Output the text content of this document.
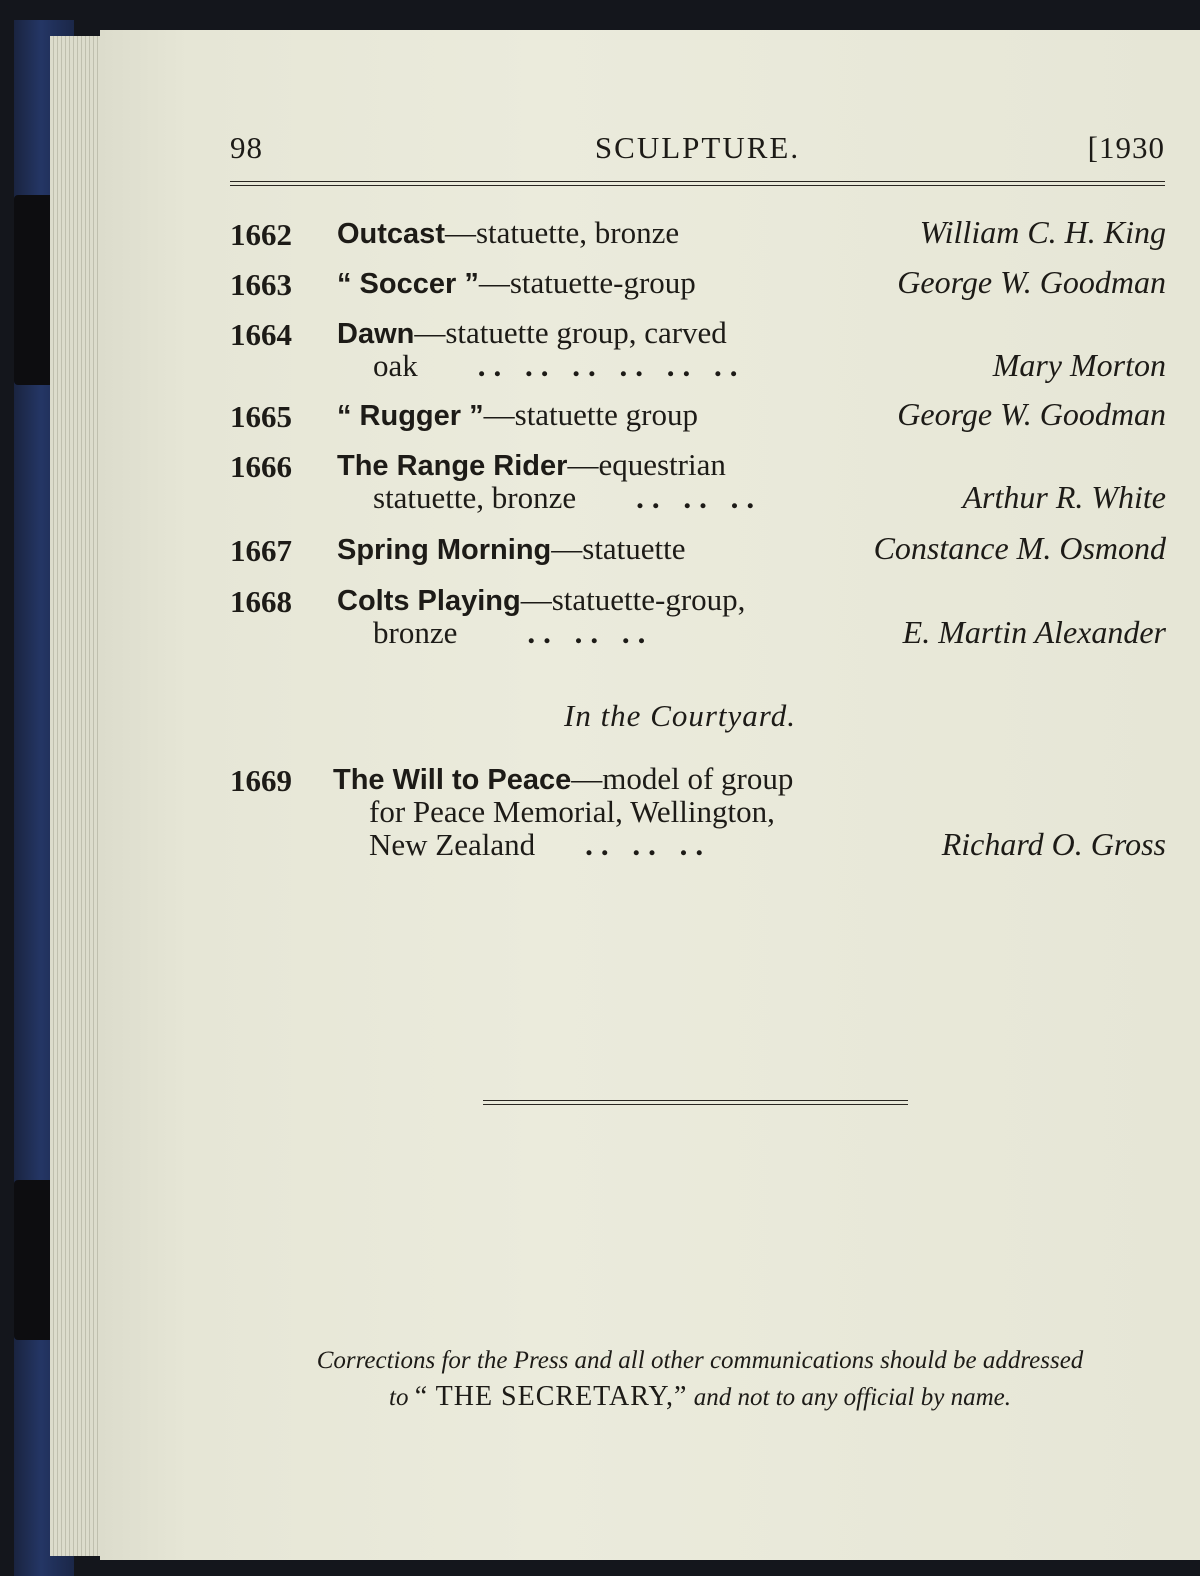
98	SCULPTURE.	[1930
1662 Outcast—statuette, bronze	William C. H. King
1663 “ Soccer ”—statuette-group	George W. Goodman
1664 Dawn—statuette group, carved
oak .. .. .. .. .. ..	Mary Morton
1665 “ Rugger ”—statuette group	George W. Goodman
1666 The Range Rider—equestrian
statuette, bronze .. .. ..	Arthur R. White
1667 Spring Morning—statuette	Constance M. Osmond
1668 Colts Playing—statuette-group,
bronze .. .. ..	E. Martin Alexander
In the Courtyard.
1669 The Will to Peace—model of group
for Peace Memorial, Wellington,
New Zealand .. .. ..	Richard O. Gross
Corrections for the Press and all other communications should be addressed
to “ THE SECRETARY,” and not to any official by name.
